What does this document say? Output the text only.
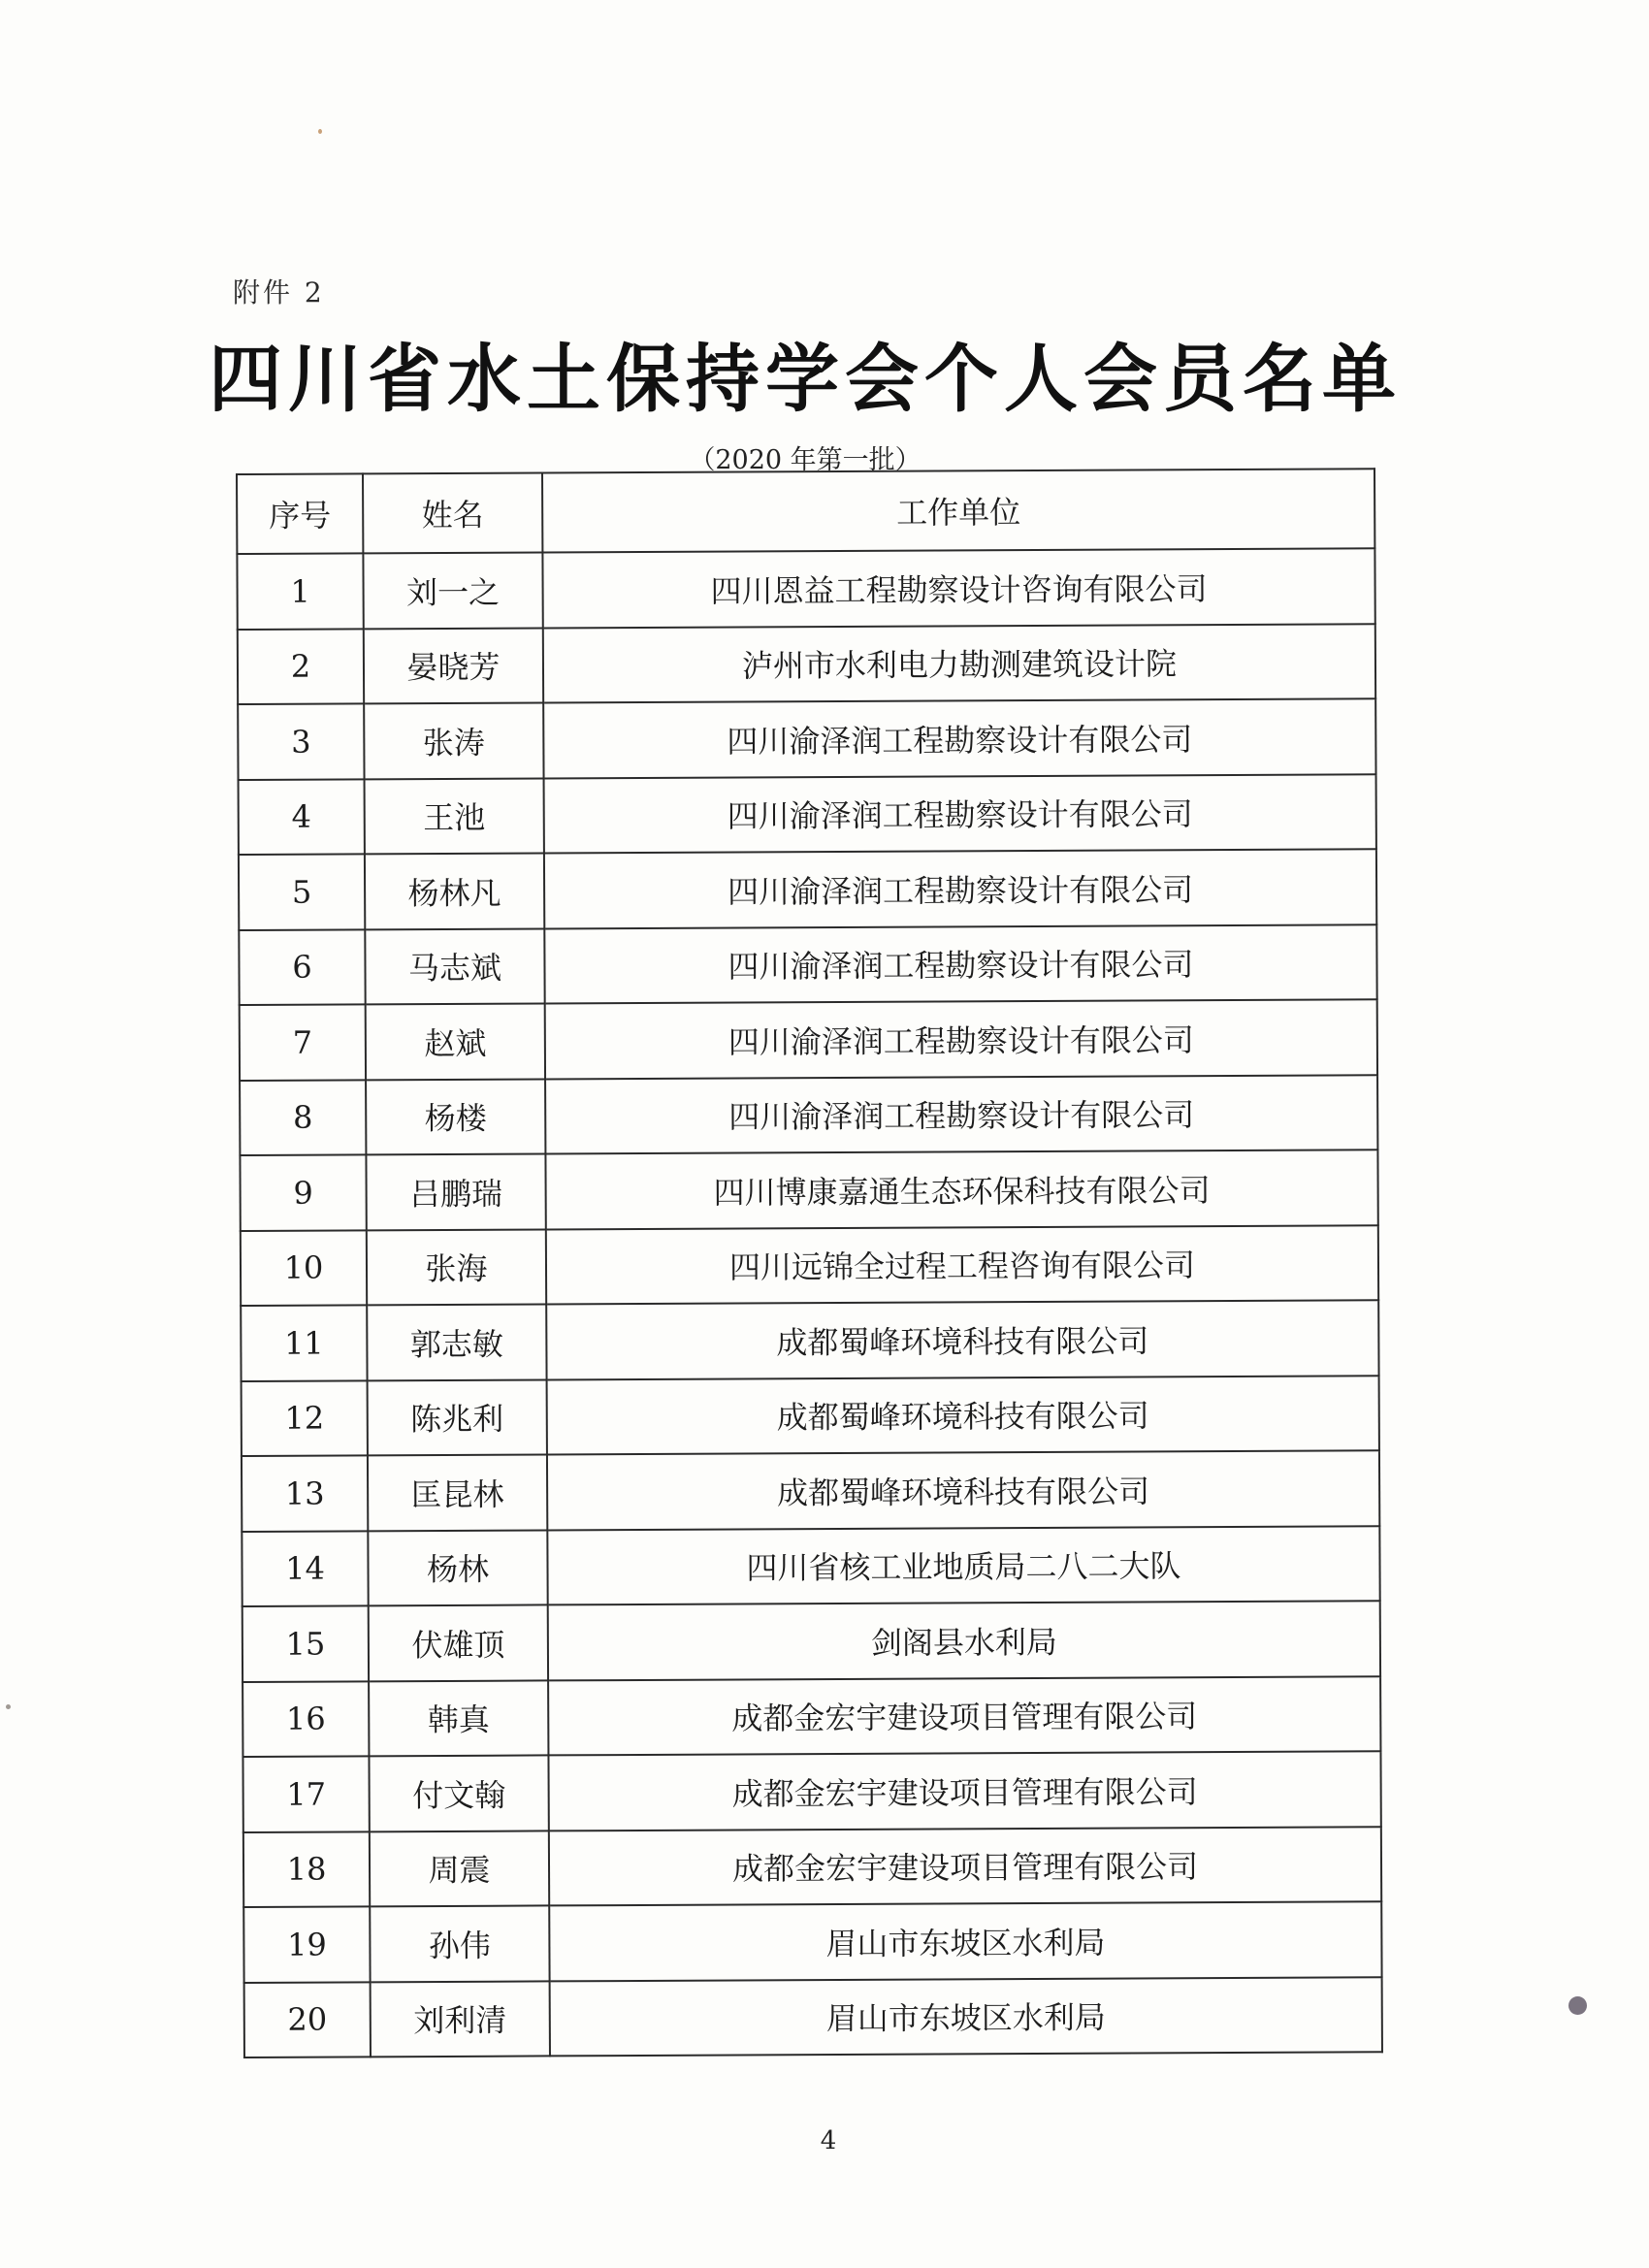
附件 2
四川省水土保持学会个人会员名单
（2020 年第一批）
序号	姓名	工作单位
1	刘一之	四川恩益工程勘察设计咨询有限公司
2	晏晓芳	泸州市水利电力勘测建筑设计院
3	张涛	四川渝泽润工程勘察设计有限公司
4	王池	四川渝泽润工程勘察设计有限公司
5	杨林凡	四川渝泽润工程勘察设计有限公司
6	马志斌	四川渝泽润工程勘察设计有限公司
7	赵斌	四川渝泽润工程勘察设计有限公司
8	杨楼	四川渝泽润工程勘察设计有限公司
9	吕鹏瑞	四川博康嘉通生态环保科技有限公司
10	张海	四川远锦全过程工程咨询有限公司
11	郭志敏	成都蜀峰环境科技有限公司
12	陈兆利	成都蜀峰环境科技有限公司
13	匡昆林	成都蜀峰环境科技有限公司
14	杨林	四川省核工业地质局二八二大队
15	伏雄顶	剑阁县水利局
16	韩真	成都金宏宇建设项目管理有限公司
17	付文翰	成都金宏宇建设项目管理有限公司
18	周震	成都金宏宇建设项目管理有限公司
19	孙伟	眉山市东坡区水利局
20	刘利清	眉山市东坡区水利局
4
